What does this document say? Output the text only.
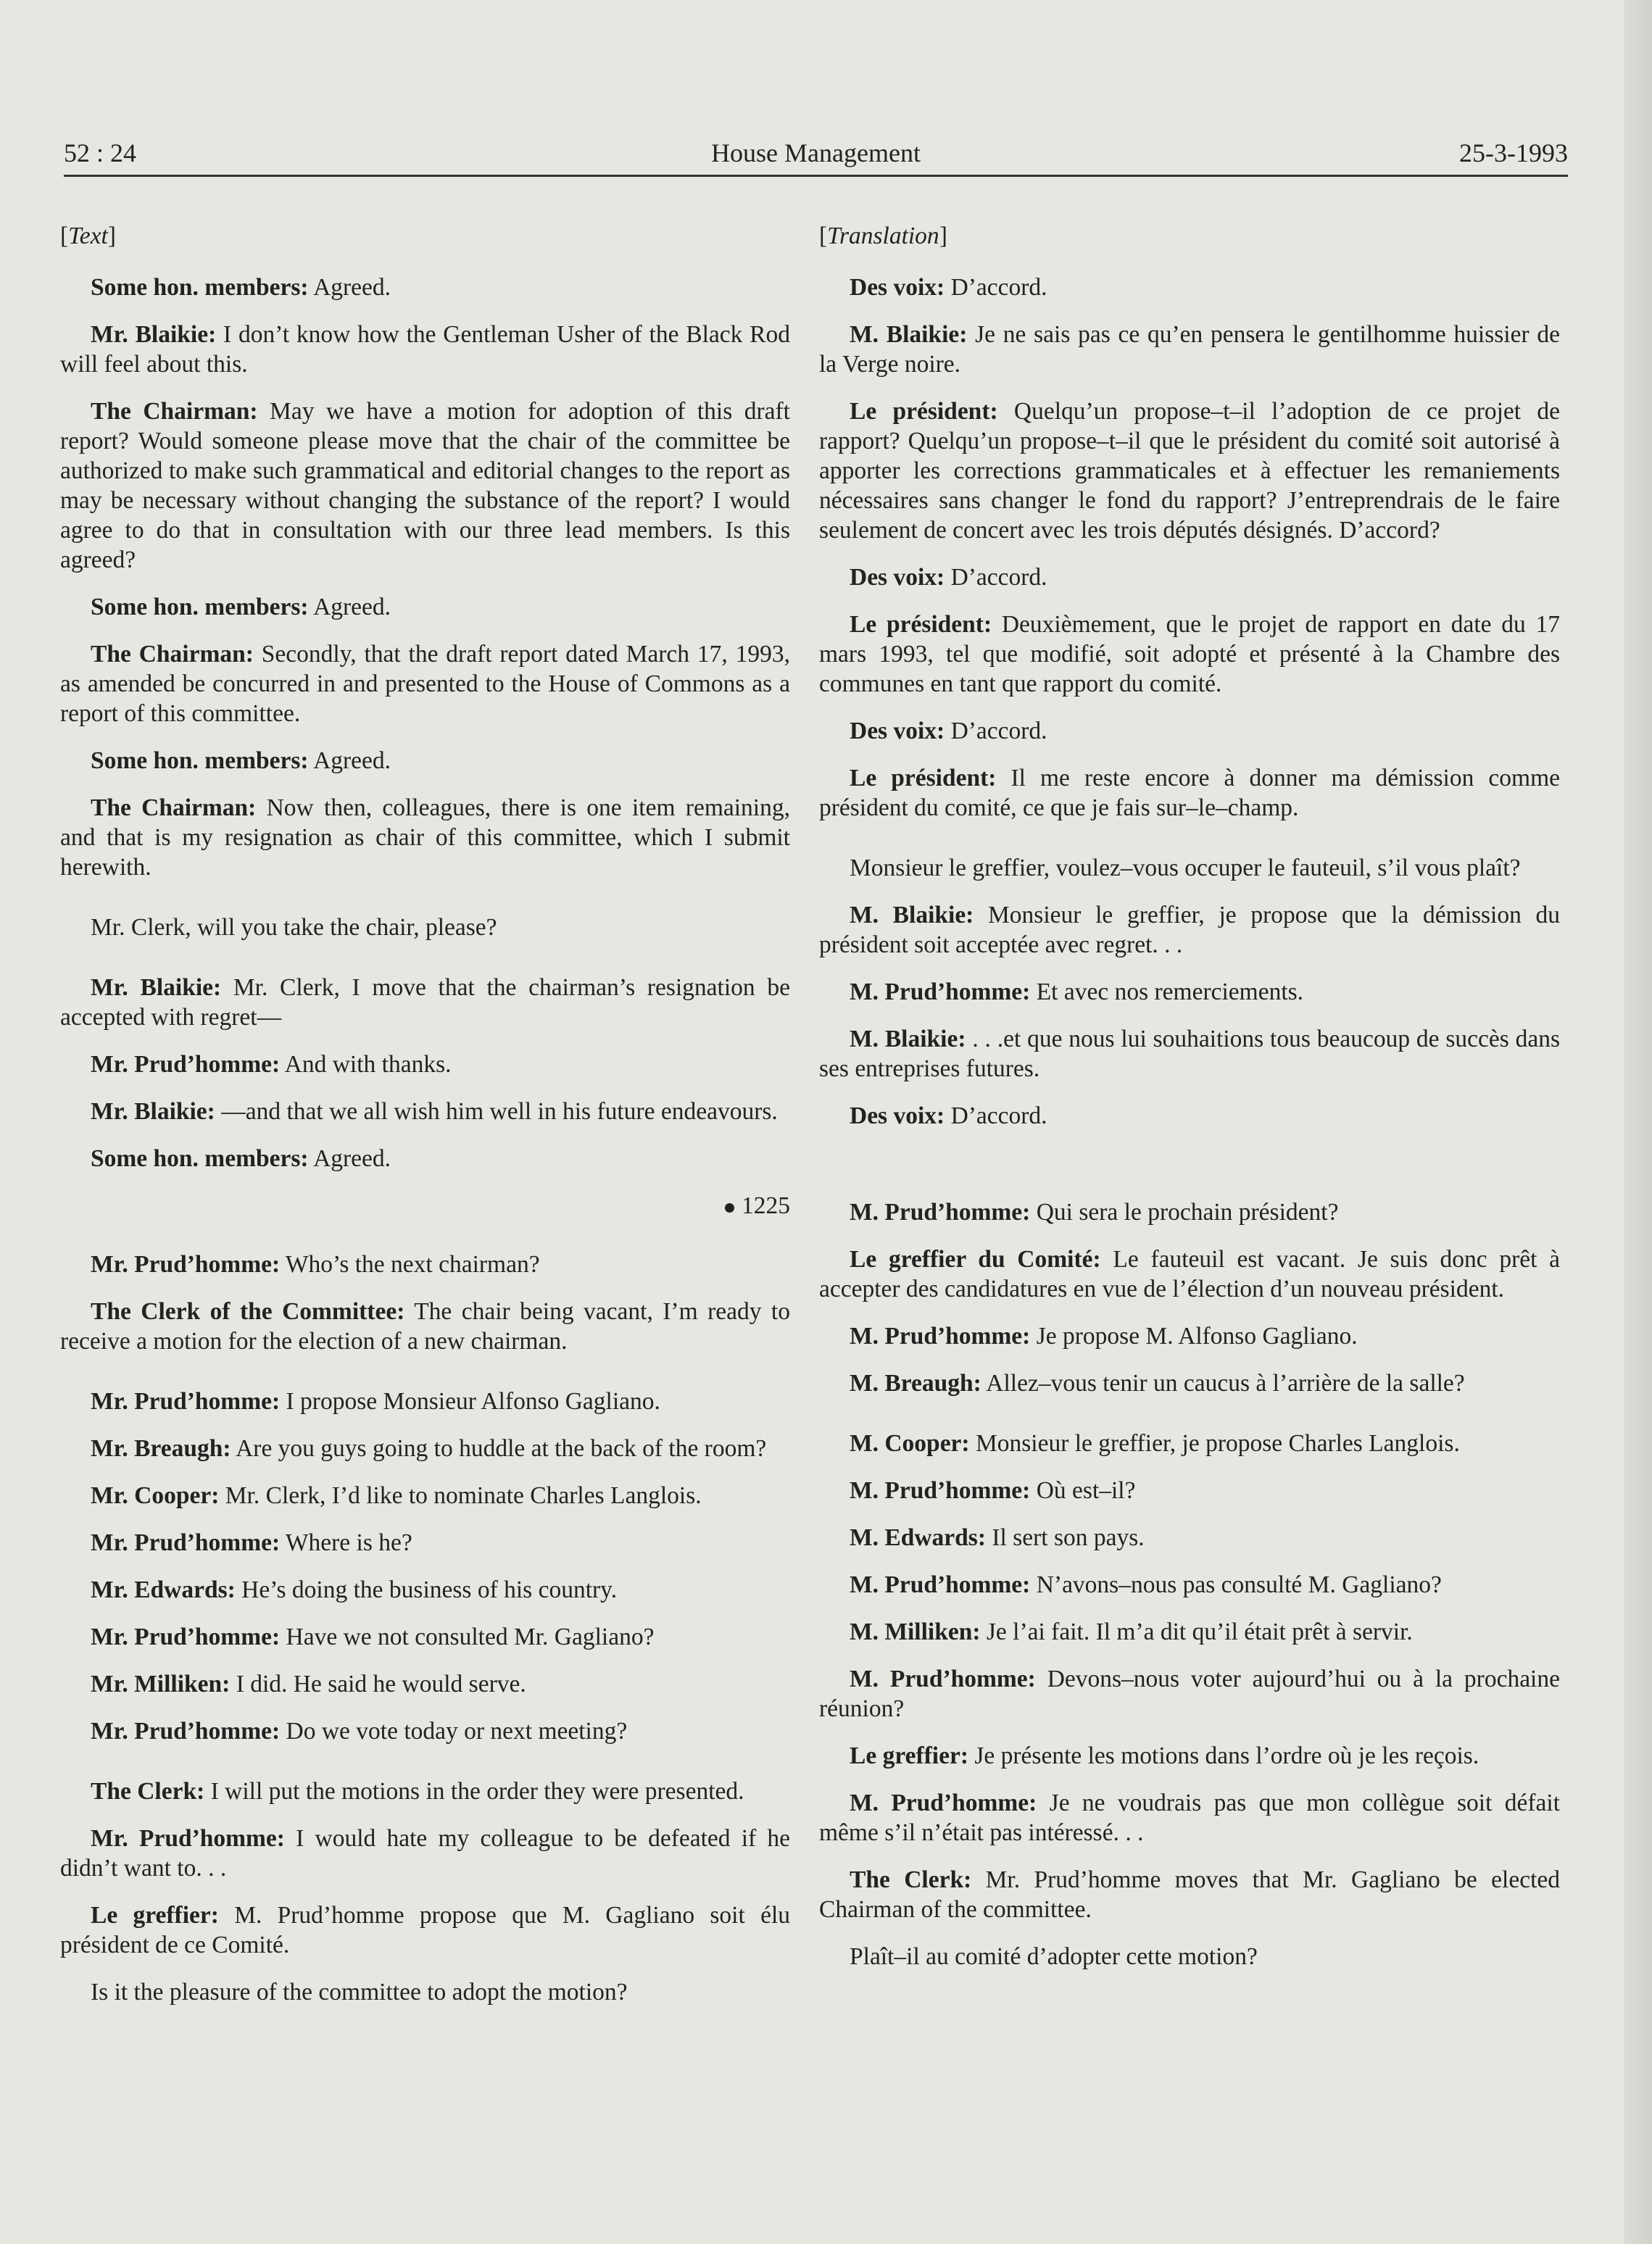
52 : 24	House Management	25-3-1993
[Text]

Some hon. members: Agreed.

Mr. Blaikie: I don’t know how the Gentleman Usher of the Black Rod will feel about this.

The Chairman: May we have a motion for adoption of this draft report? Would someone please move that the chair of the committee be authorized to make such grammatical and editorial changes to the report as may be necessary without changing the substance of the report? I would agree to do that in consultation with our three lead members. Is this agreed?

Some hon. members: Agreed.

The Chairman: Secondly, that the draft report dated March 17, 1993, as amended be concurred in and presented to the House of Commons as a report of this committee.

Some hon. members: Agreed.

The Chairman: Now then, colleagues, there is one item remaining, and that is my resignation as chair of this committee, which I submit herewith.

Mr. Clerk, will you take the chair, please?

Mr. Blaikie: Mr. Clerk, I move that the chairman’s resignation be accepted with regret—

Mr. Prud’homme: And with thanks.

Mr. Blaikie: —and that we all wish him well in his future endeavours.

Some hon. members: Agreed.

1225

Mr. Prud’homme: Who’s the next chairman?

The Clerk of the Committee: The chair being vacant, I’m ready to receive a motion for the election of a new chairman.

Mr. Prud’homme: I propose Monsieur Alfonso Gagliano.

Mr. Breaugh: Are you guys going to huddle at the back of the room?

Mr. Cooper: Mr. Clerk, I’d like to nominate Charles Langlois.

Mr. Prud’homme: Where is he?

Mr. Edwards: He’s doing the business of his country.

Mr. Prud’homme: Have we not consulted Mr. Gagliano?

Mr. Milliken: I did. He said he would serve.

Mr. Prud’homme: Do we vote today or next meeting?

The Clerk: I will put the motions in the order they were presented.

Mr. Prud’homme: I would hate my colleague to be defeated if he didn’t want to. . .

Le greffier: M. Prud’homme propose que M. Gagliano soit élu président de ce Comité.

Is it the pleasure of the committee to adopt the motion?

[Translation]

Des voix: D’accord.

M. Blaikie: Je ne sais pas ce qu’en pensera le gentilhomme huissier de la Verge noire.

Le président: Quelqu’un propose–t–il l’adoption de ce projet de rapport? Quelqu’un propose–t–il que le président du comité soit autorisé à apporter les corrections grammaticales et à effectuer les remaniements nécessaires sans changer le fond du rapport? J’entreprendrais de le faire seulement de concert avec les trois députés désignés. D’accord?

Des voix: D’accord.

Le président: Deuxièmement, que le projet de rapport en date du 17 mars 1993, tel que modifié, soit adopté et présenté à la Chambre des communes en tant que rapport du comité.

Des voix: D’accord.

Le président: Il me reste encore à donner ma démission comme président du comité, ce que je fais sur–le–champ.

Monsieur le greffier, voulez–vous occuper le fauteuil, s’il vous plaît?

M. Blaikie: Monsieur le greffier, je propose que la démission du président soit acceptée avec regret. . .

M. Prud’homme: Et avec nos remerciements.

M. Blaikie: . . .et que nous lui souhaitions tous beaucoup de succès dans ses entreprises futures.

Des voix: D’accord.

M. Prud’homme: Qui sera le prochain président?

Le greffier du Comité: Le fauteuil est vacant. Je suis donc prêt à accepter des candidatures en vue de l’élection d’un nouveau président.

M. Prud’homme: Je propose M. Alfonso Gagliano.

M. Breaugh: Allez–vous tenir un caucus à l’arrière de la salle?

M. Cooper: Monsieur le greffier, je propose Charles Langlois.

M. Prud’homme: Où est–il?

M. Edwards: Il sert son pays.

M. Prud’homme: N’avons–nous pas consulté M. Gagliano?

M. Milliken: Je l’ai fait. Il m’a dit qu’il était prêt à servir.

M. Prud’homme: Devons–nous voter aujourd’hui ou à la prochaine réunion?

Le greffier: Je présente les motions dans l’ordre où je les reçois.

M. Prud’homme: Je ne voudrais pas que mon collègue soit défait même s’il n’était pas intéressé. . .

The Clerk: Mr. Prud’homme moves that Mr. Gagliano be elected Chairman of the committee.

Plaît–il au comité d’adopter cette motion?
